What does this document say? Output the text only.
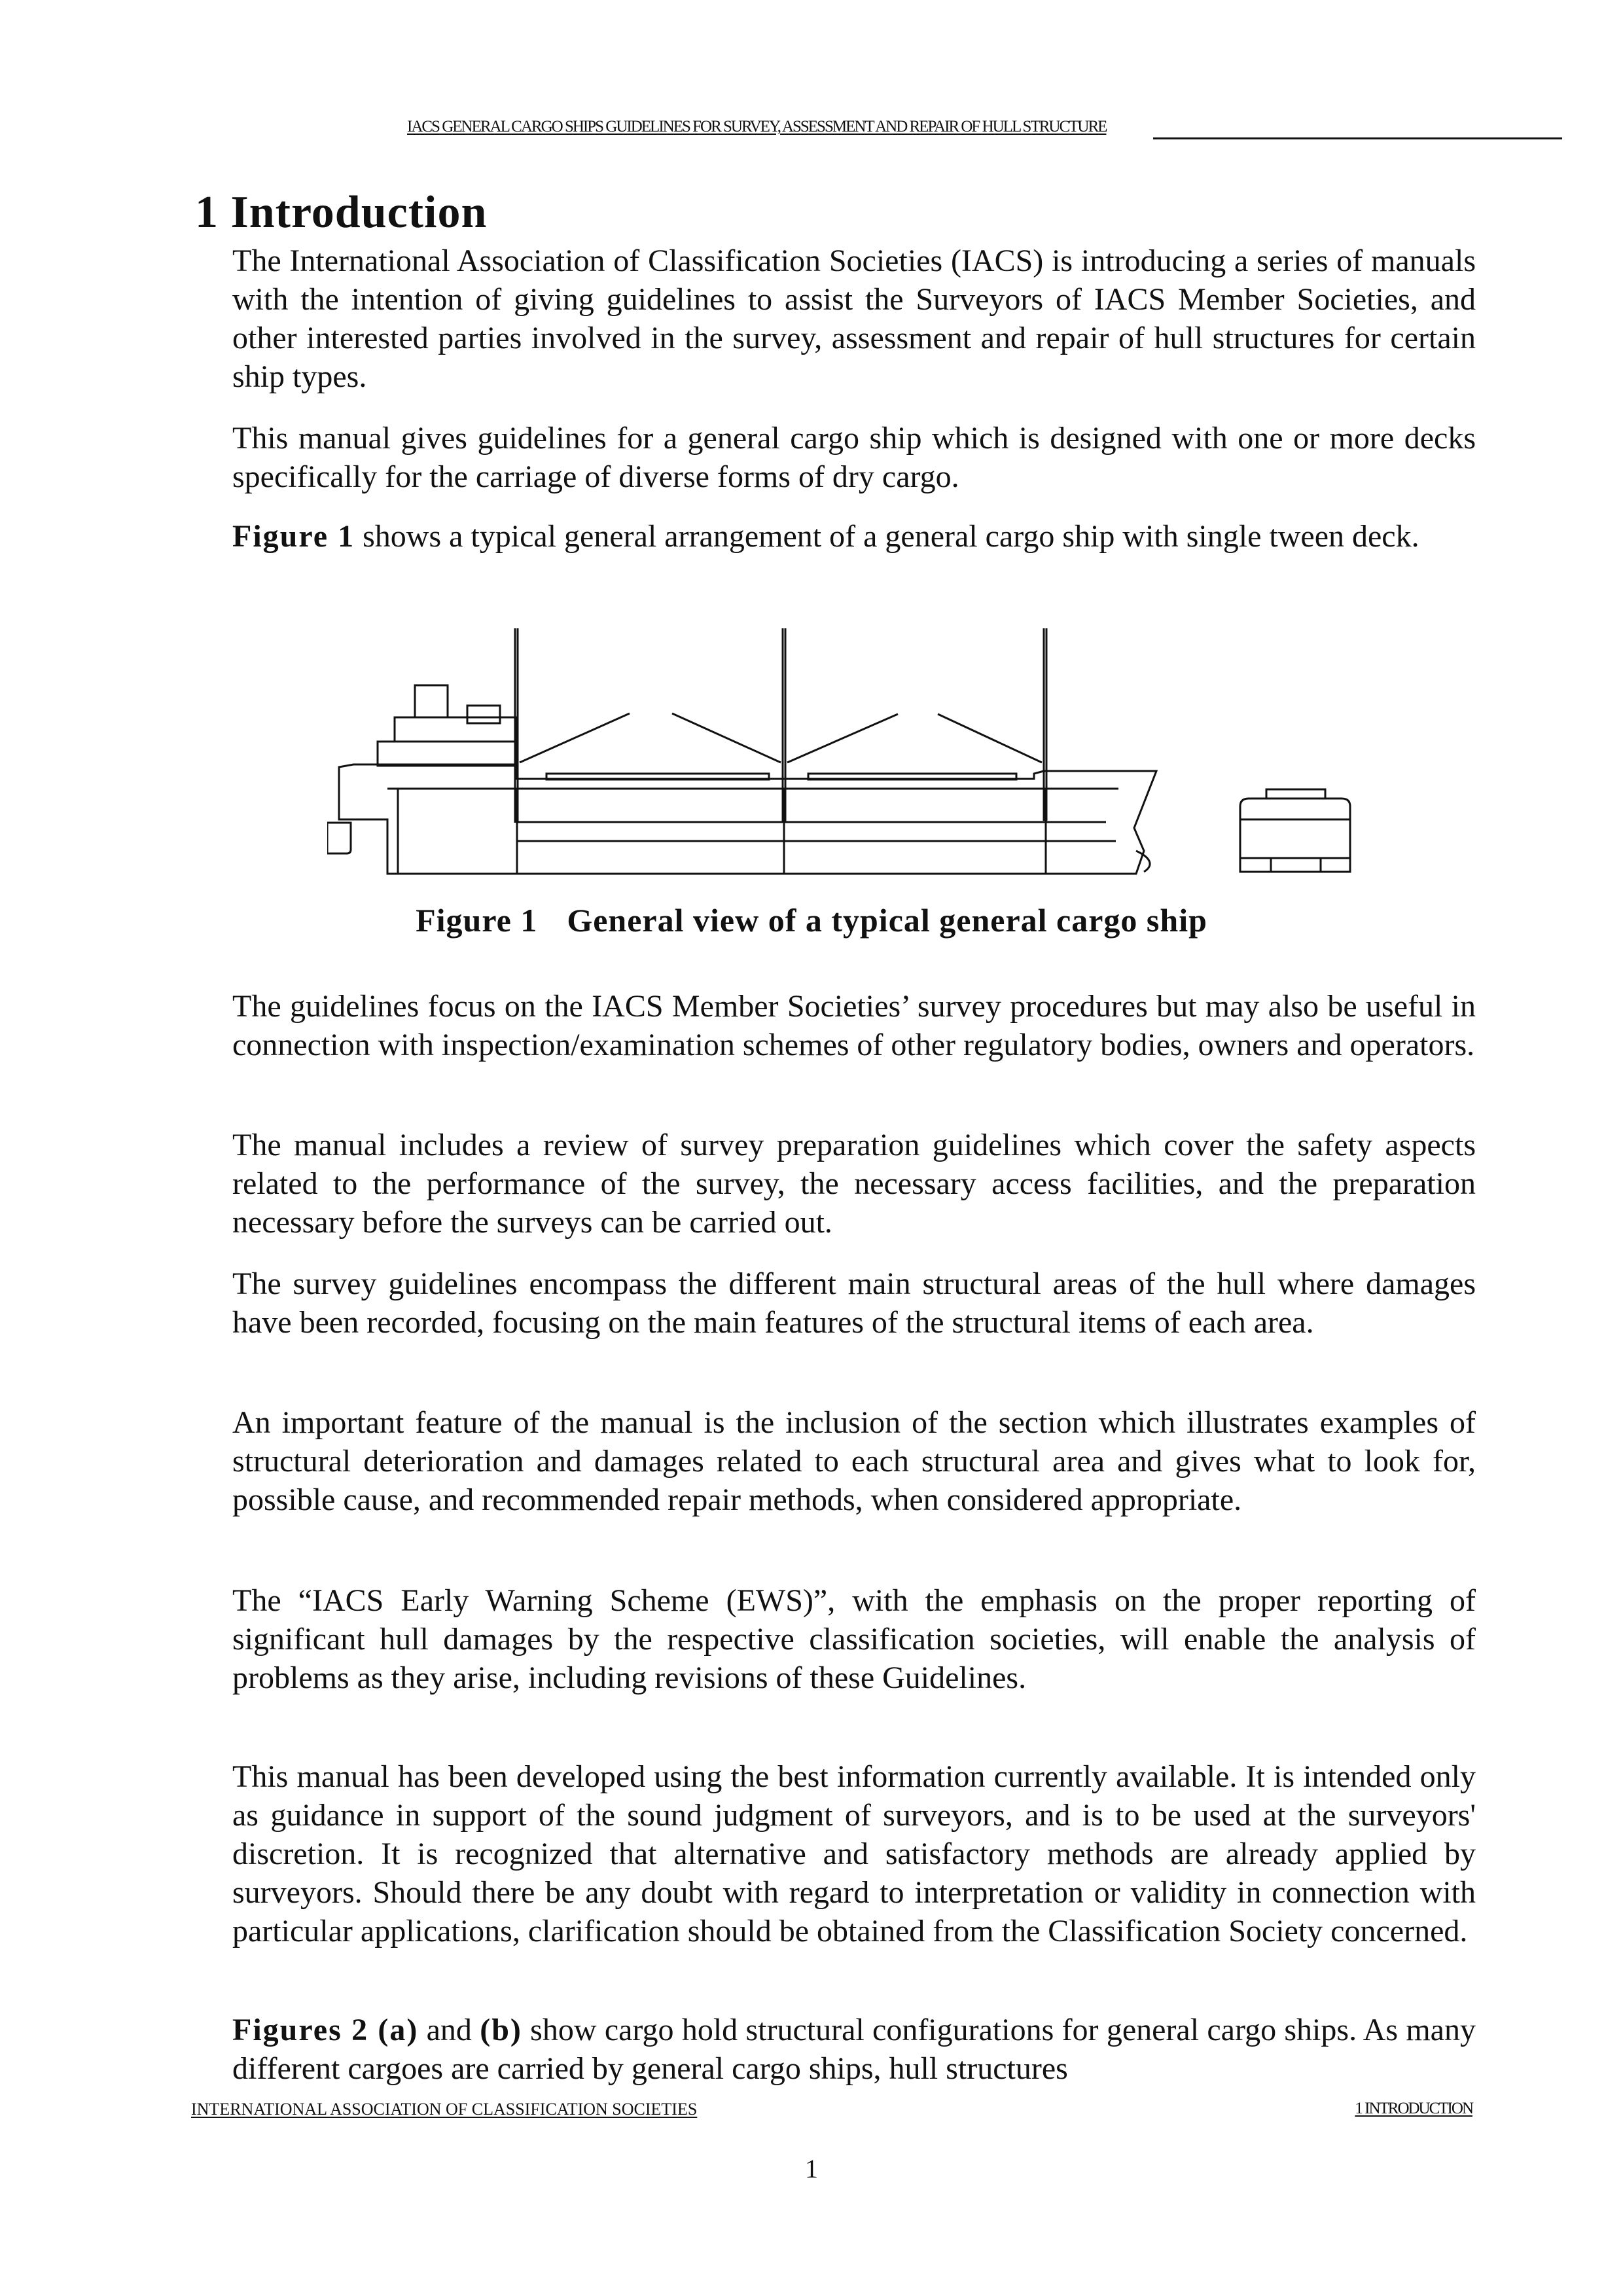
IACS GENERAL CARGO SHIPS GUIDELINES FOR SURVEY, ASSESSMENT AND REPAIR OF HULL STRUCTURE
1 Introduction

The International Association of Classification Societies (IACS) is introducing a series of manuals with the intention of giving guidelines to assist the Surveyors of IACS Member Societies, and other interested parties involved in the survey, assessment and repair of hull structures for certain ship types.

This manual gives guidelines for a general cargo ship which is designed with one or more decks specifically for the carriage of diverse forms of dry cargo.

Figure 1 shows a typical general arrangement of a general cargo ship with single tween deck.

Figure 1 General view of a typical general cargo ship

The guidelines focus on the IACS Member Societies’ survey procedures but may also be useful in connection with inspection/examination schemes of other regulatory bodies, owners and operators.

The manual includes a review of survey preparation guidelines which cover the safety aspects related to the performance of the survey, the necessary access facilities, and the preparation necessary before the surveys can be carried out.

The survey guidelines encompass the different main structural areas of the hull where damages have been recorded, focusing on the main features of the structural items of each area.

An important feature of the manual is the inclusion of the section which illustrates examples of structural deterioration and damages related to each structural area and gives what to look for, possible cause, and recommended repair methods, when considered appropriate.

The “IACS Early Warning Scheme (EWS)”, with the emphasis on the proper reporting of significant hull damages by the respective classification societies, will enable the analysis of problems as they arise, including revisions of these Guidelines.

This manual has been developed using the best information currently available. It is intended only as guidance in support of the sound judgment of surveyors, and is to be used at the surveyors' discretion. It is recognized that alternative and satisfactory methods are already applied by surveyors. Should there be any doubt with regard to interpretation or validity in connection with particular applications, clarification should be obtained from the Classification Society concerned.

Figures 2 (a) and (b) show cargo hold structural configurations for general cargo ships. As many different cargoes are carried by general cargo ships, hull structures

INTERNATIONAL ASSOCIATION OF CLASSIFICATION SOCIETIES	1 INTRODUCTION
1
